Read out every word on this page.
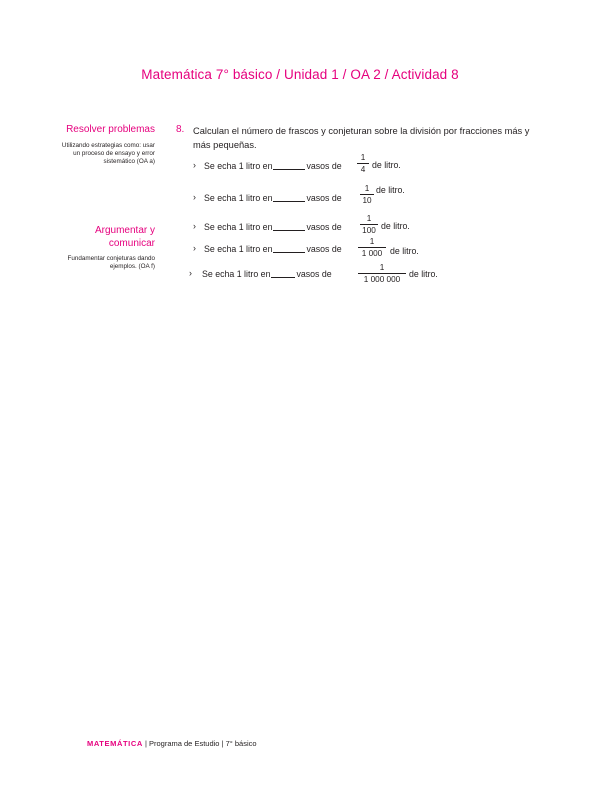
Matemática 7° básico / Unidad 1 / OA 2 / Actividad 8
Resolver problemas
Utilizando estrategias como: usar un proceso de ensayo y error sistemático (OA a)
Argumentar y comunicar
Fundamentar conjeturas dando ejemplos. (OA f)
8. Calculan el número de frascos y conjeturan sobre la división por fracciones más y más pequeñas.
› Se echa 1 litro en	vasos de
1
4 de litro.
› Se echa 1 litro en	vasos de
1
10
de litro.
› Se echa 1 litro en	vasos de
1
100 de litro.
› Se echa 1 litro en	vasos de
1
1 000 de litro.
› Se echa 1 litro en	vasos de
1
1 000 000
de litro.
MATEMÁTICA | Programa de Estudio | 7° básico
